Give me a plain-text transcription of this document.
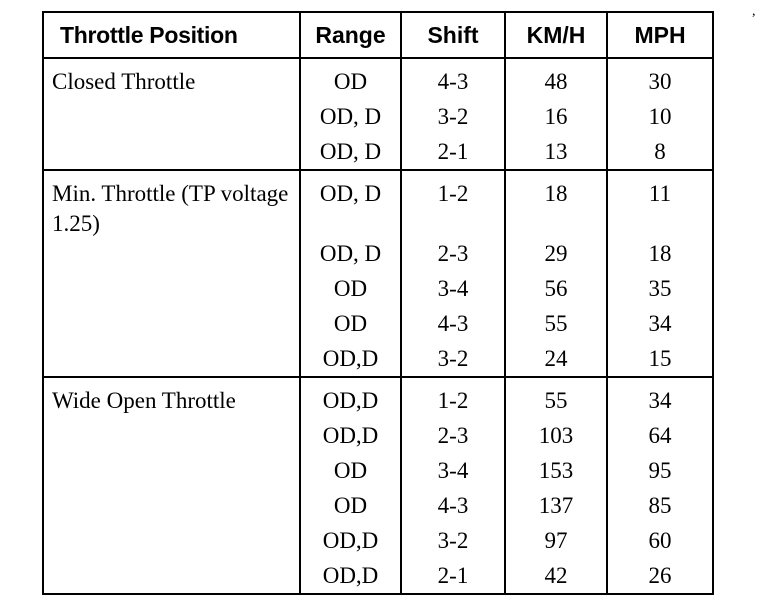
,
Throttle Position	Range	Shift	KM/H	MPH
Closed Throttle	OD	4-3	48	30
	OD, D	3-2	16	10
	OD, D	2-1	13	8
Min. Throttle (TP voltage 1.25)	OD, D	1-2	18	11
	OD, D	2-3	29	18
	OD	3-4	56	35
	OD	4-3	55	34
	OD,D	3-2	24	15
Wide Open Throttle	OD,D	1-2	55	34
	OD,D	2-3	103	64
	OD	3-4	153	95
	OD	4-3	137	85
	OD,D	3-2	97	60
	OD,D	2-1	42	26
